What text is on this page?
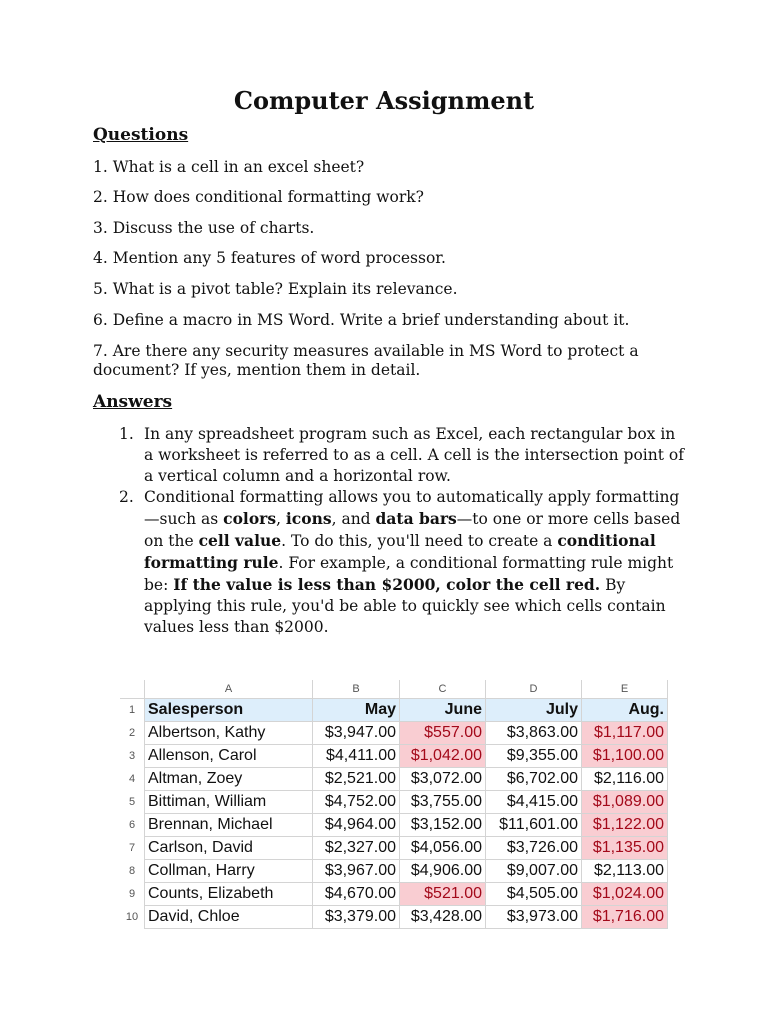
Computer Assignment
Questions
1. What is a cell in an excel sheet?
2. How does conditional formatting work?
3. Discuss the use of charts.
4. Mention any 5 features of word processor.
5. What is a pivot table? Explain its relevance.
6. Define a macro in MS Word. Write a brief understanding about it.
7. Are there any security measures available in MS Word to protect a document? If yes, mention them in detail.
Answers
1. In any spreadsheet program such as Excel, each rectangular box in a worksheet is referred to as a cell. A cell is the intersection point of a vertical column and a horizontal row.
2. Conditional formatting allows you to automatically apply formatting—such as colors, icons, and data bars—to one or more cells based on the cell value. To do this, you'll need to create a conditional formatting rule. For example, a conditional formatting rule might be: If the value is less than $2000, color the cell red. By applying this rule, you'd be able to quickly see which cells contain values less than $2000.
	A	B	C	D	E
1	Salesperson	May	June	July	Aug.
2	Albertson, Kathy	$3,947.00	$557.00	$3,863.00	$1,117.00
3	Allenson, Carol	$4,411.00	$1,042.00	$9,355.00	$1,100.00
4	Altman, Zoey	$2,521.00	$3,072.00	$6,702.00	$2,116.00
5	Bittiman, William	$4,752.00	$3,755.00	$4,415.00	$1,089.00
6	Brennan, Michael	$4,964.00	$3,152.00	$11,601.00	$1,122.00
7	Carlson, David	$2,327.00	$4,056.00	$3,726.00	$1,135.00
8	Collman, Harry	$3,967.00	$4,906.00	$9,007.00	$2,113.00
9	Counts, Elizabeth	$4,670.00	$521.00	$4,505.00	$1,024.00
10	David, Chloe	$3,379.00	$3,428.00	$3,973.00	$1,716.00
